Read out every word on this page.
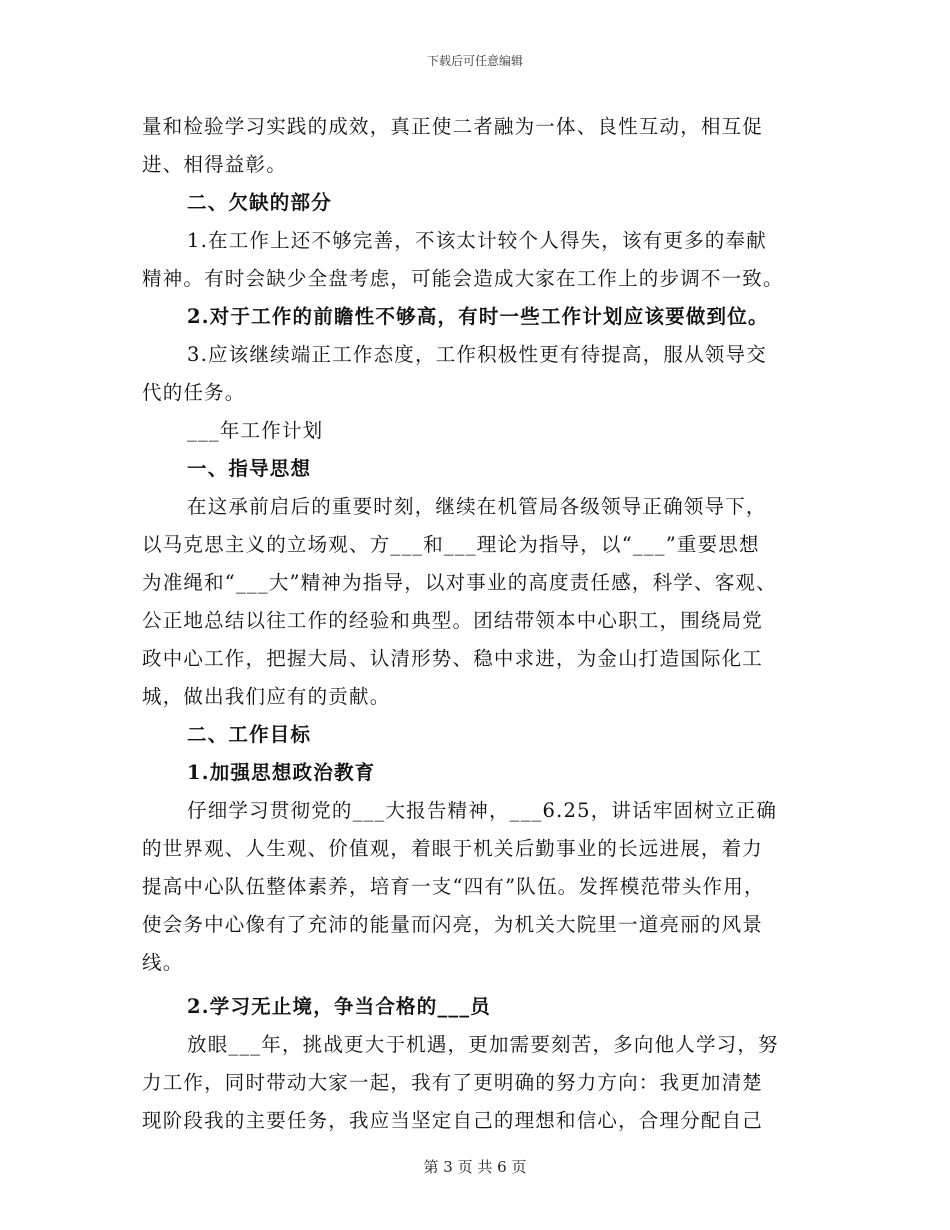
下载后可任意编辑
量和检验学习实践的成效，真正使二者融为一体、良性互动，相互促
进、相得益彰。
二、欠缺的部分
1.在工作上还不够完善，不该太计较个人得失，该有更多的奉献
精神。有时会缺少全盘考虑，可能会造成大家在工作上的步调不一致。
2.对于工作的前瞻性不够高，有时一些工作计划应该要做到位。
3.应该继续端正工作态度，工作积极性更有待提高，服从领导交
代的任务。
___年工作计划
一、指导思想
在这承前启后的重要时刻，继续在机管局各级领导正确领导下，
以马克思主义的立场观、方___和___理论为指导，以“___”重要思想
为准绳和“___大”精神为指导，以对事业的高度责任感，科学、客观、
公正地总结以往工作的经验和典型。团结带领本中心职工，围绕局党
政中心工作，把握大局、认清形势、稳中求进，为金山打造国际化工
城，做出我们应有的贡献。
二、工作目标
1.加强思想政治教育
仔细学习贯彻党的___大报告精神，___6.25，讲话牢固树立正确
的世界观、人生观、价值观，着眼于机关后勤事业的长远进展，着力
提高中心队伍整体素养，培育一支“四有”队伍。发挥模范带头作用，
使会务中心像有了充沛的能量而闪亮，为机关大院里一道亮丽的风景
线。
2.学习无止境，争当合格的___员
放眼___年，挑战更大于机遇，更加需要刻苦，多向他人学习，努
力工作，同时带动大家一起，我有了更明确的努力方向：我更加清楚
现阶段我的主要任务，我应当坚定自己的理想和信心，合理分配自己
第 3 页 共 6 页
